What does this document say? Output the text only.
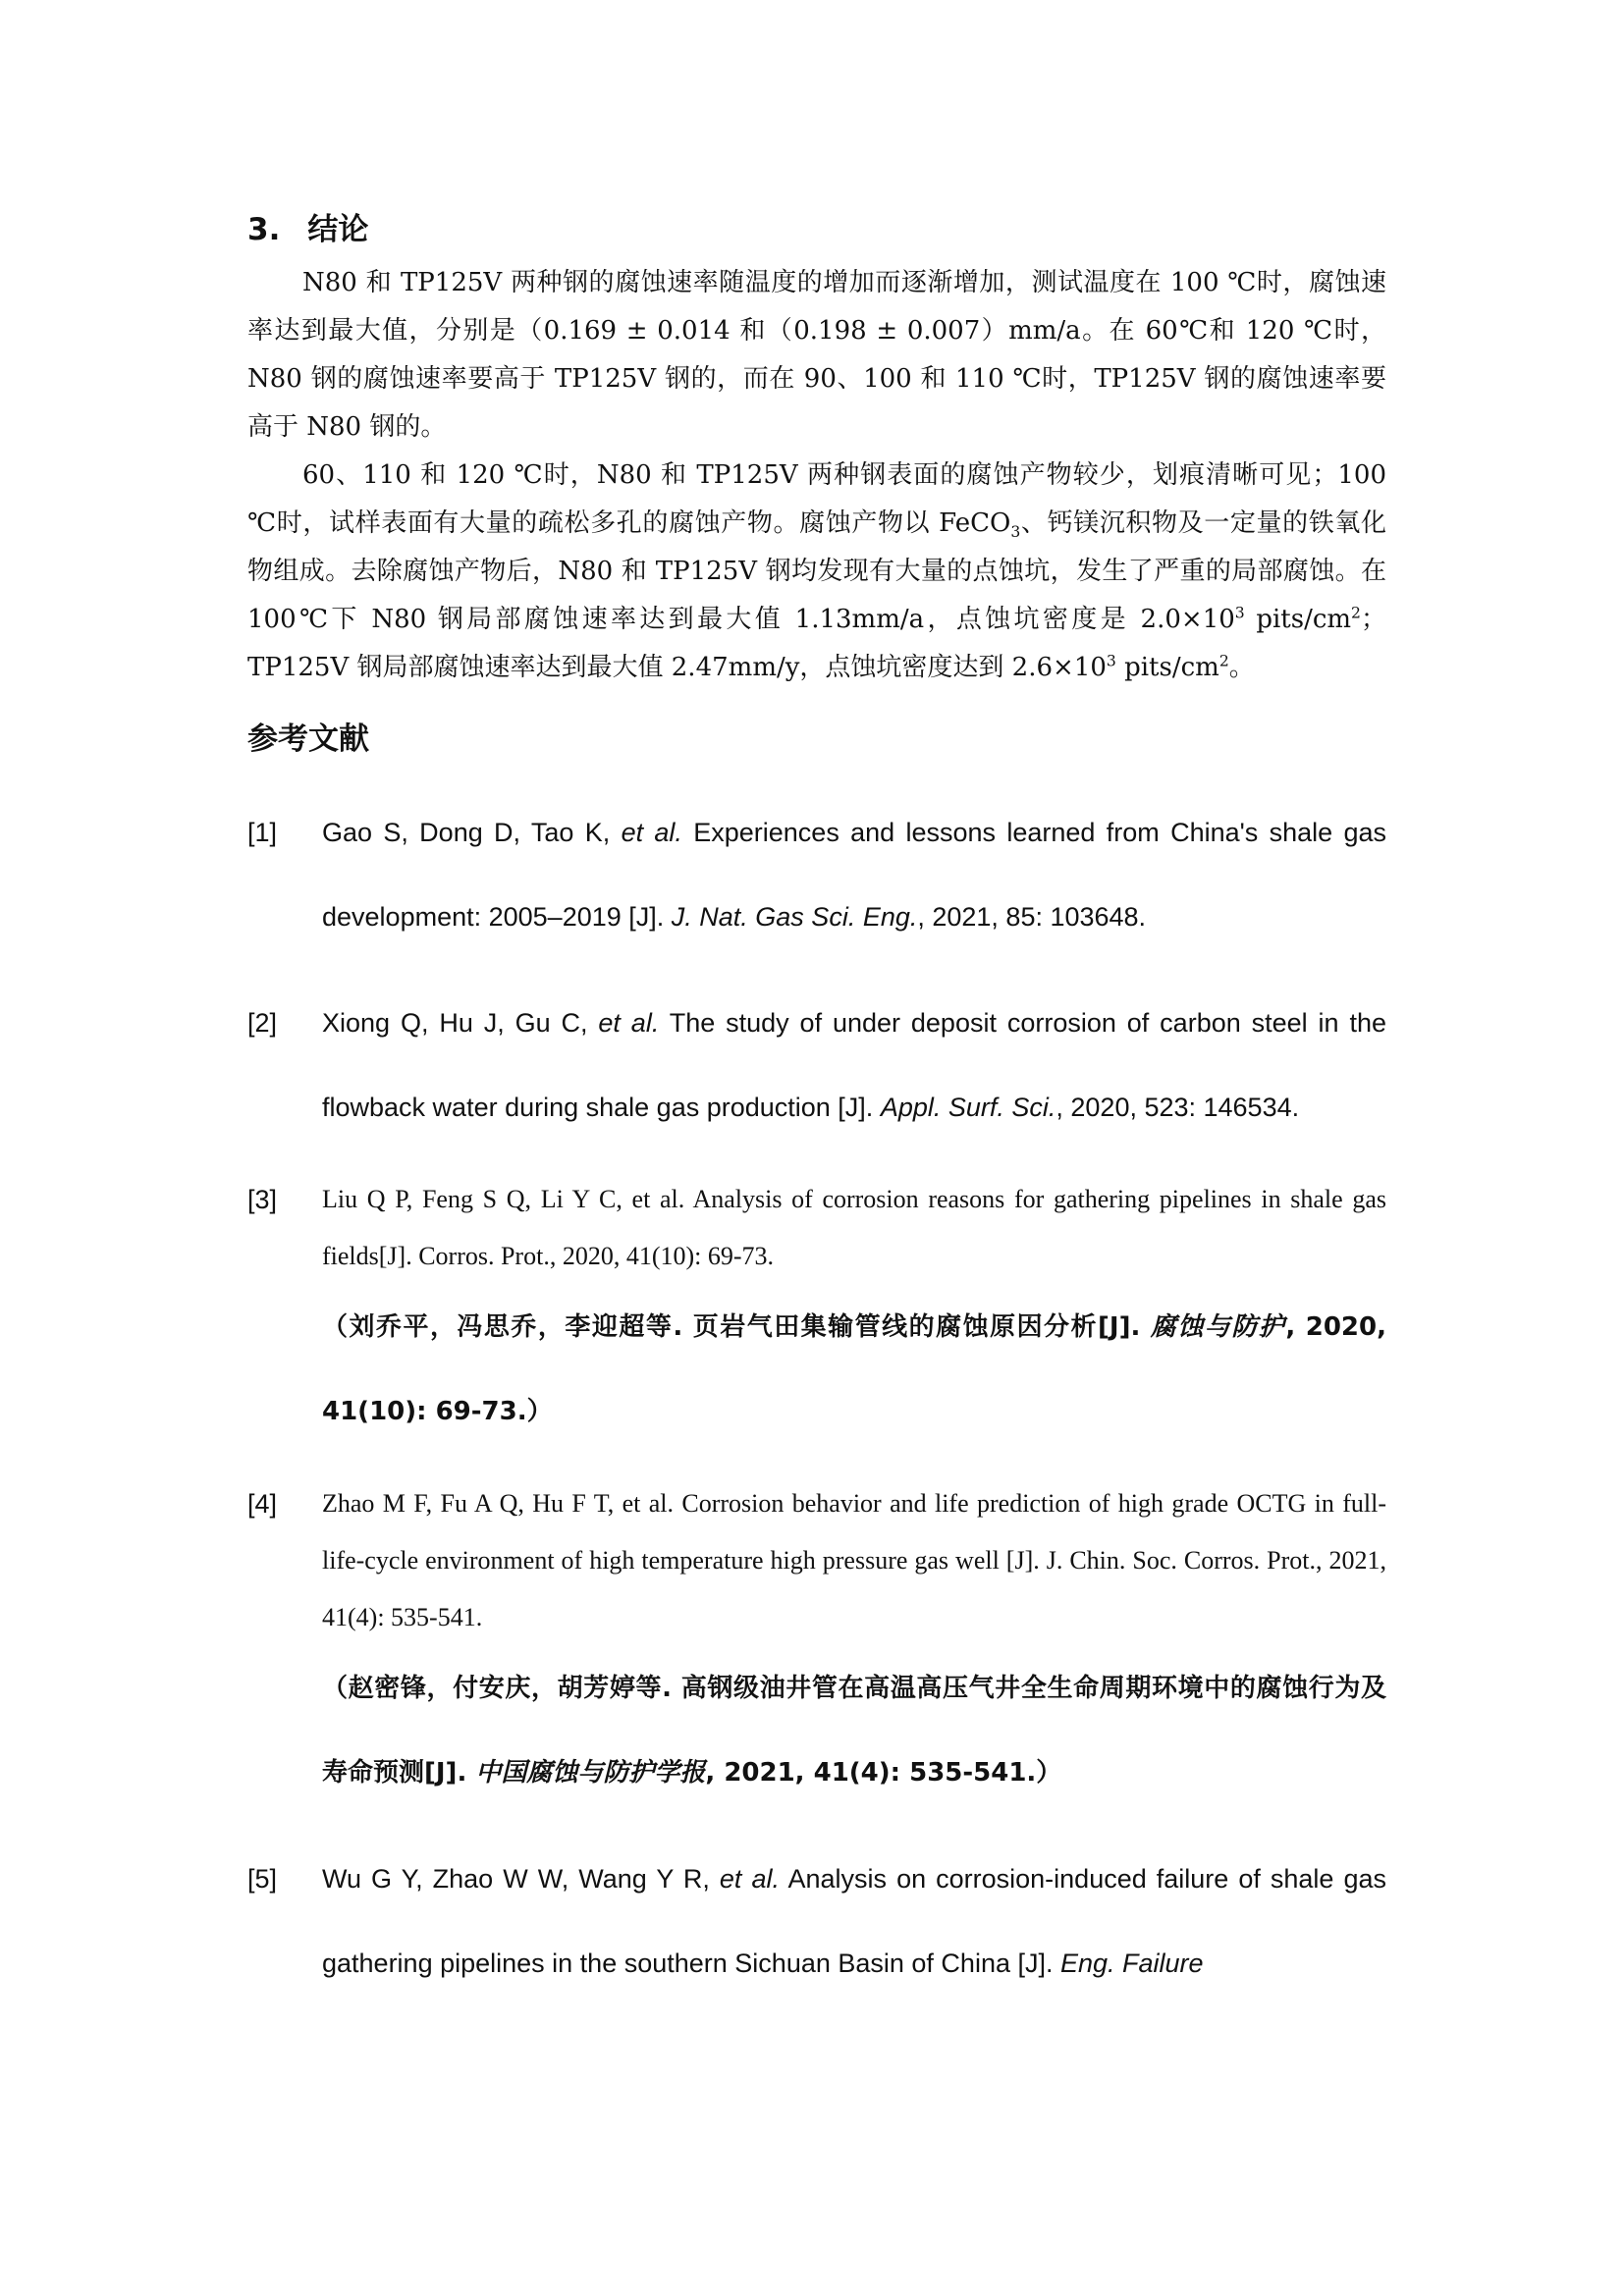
3. 结论

N80 和 TP125V 两种钢的腐蚀速率随温度的增加而逐渐增加，测试温度在 100 ℃时，腐蚀速率达到最大值，分别是（0.169 ± 0.014 和（0.198 ± 0.007）mm/a。在 60℃和 120 ℃时，N80 钢的腐蚀速率要高于 TP125V 钢的，而在 90、100 和 110 ℃时，TP125V 钢的腐蚀速率要高于 N80 钢的。

60、110 和 120 ℃时，N80 和 TP125V 两种钢表面的腐蚀产物较少，划痕清晰可见；100 ℃时，试样表面有大量的疏松多孔的腐蚀产物。腐蚀产物以 FeCO$_3$、钙镁沉积物及一定量的铁氧化物组成。去除腐蚀产物后，N80 和 TP125V 钢均发现有大量的点蚀坑，发生了严重的局部腐蚀。在 100℃下 N80 钢局部腐蚀速率达到最大值 1.13mm/a，点蚀坑密度是 $2.0\times 10^3$ pits/$cm^2$；TP125V 钢局部腐蚀速率达到最大值 2.47mm/y，点蚀坑密度达到 $2.6\times 10^3$ pits/$cm^2$。

参考文献
[1] Gao S, Dong D, Tao K, et al. Experiences and lessons learned from China's shale gas development: 2005–2019 [J]. J. Nat. Gas Sci. Eng., 2021, 85: 103648.
[2] Xiong Q, Hu J, Gu C, et al. The study of under deposit corrosion of carbon steel in the flowback water during shale gas production [J]. Appl. Surf. Sci., 2020, 523: 146534.
[3] Liu Q P, Feng S Q, Li Y C, et al. Analysis of corrosion reasons for gathering pipelines in shale gas fields[J]. Corros. Prot., 2020, 41(10): 69-73.
（刘乔平，冯思乔，李迎超等. 页岩气田集输管线的腐蚀原因分析[J]. 腐蚀与防护, 2020, 41(10): 69-73.）
[4] Zhao M F, Fu A Q, Hu F T, et al. Corrosion behavior and life prediction of high grade OCTG in full-life-cycle environment of high temperature high pressure gas well [J]. J. Chin. Soc. Corros. Prot., 2021, 41(4): 535-541.
（赵密锋，付安庆，胡芳婷等. 高钢级油井管在高温高压气井全生命周期环境中的腐蚀行为及寿命预测[J]. 中国腐蚀与防护学报, 2021, 41(4): 535-541.）
[5] Wu G Y, Zhao W W, Wang Y R, et al. Analysis on corrosion-induced failure of shale gas gathering pipelines in the southern Sichuan Basin of China [J]. Eng. Failure
